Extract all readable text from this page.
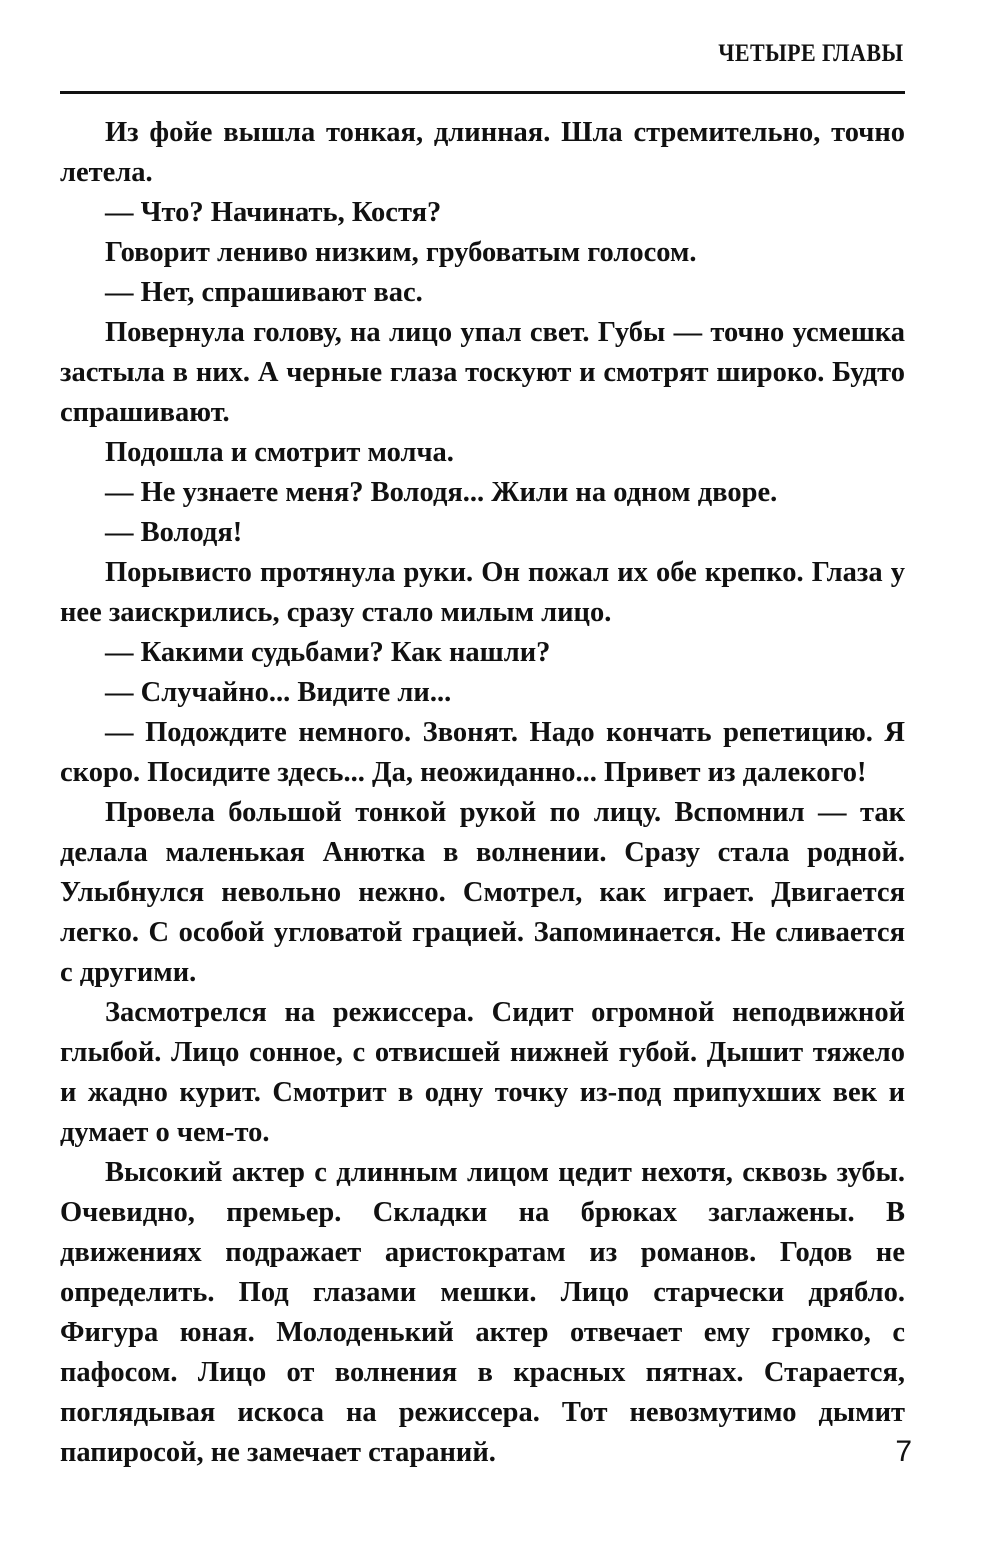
ЧЕТЫРЕ ГЛАВЫ

Из фойе вышла тонкая, длинная. Шла стремительно, точно летела.

— Что? Начинать, Костя?

Говорит лениво низким, грубоватым голосом.

— Нет, спрашивают вас.

Повернула голову, на лицо упал свет. Губы — точно усмешка застыла в них. А черные глаза тоскуют и смотрят широко. Будто спрашивают.

Подошла и смотрит молча.

— Не узнаете меня? Володя... Жили на одном дворе.

— Володя!

Порывисто протянула руки. Он пожал их обе крепко. Глаза у нее заискрились, сразу стало милым лицо.

— Какими судьбами? Как нашли?

— Случайно... Видите ли...

— Подождите немного. Звонят. Надо кончать репетицию. Я скоро. Посидите здесь... Да, неожиданно... Привет из далекого!

Провела большой тонкой рукой по лицу. Вспомнил — так делала маленькая Анютка в волнении. Сразу стала родной. Улыбнулся невольно нежно. Смотрел, как играет. Двигается легко. С особой угловатой грацией. Запоминается. Не сливается с другими.

Засмотрелся на режиссера. Сидит огромной неподвижной глыбой. Лицо сонное, с отвисшей нижней губой. Дышит тяжело и жадно курит. Смотрит в одну точку из-под припухших век и думает о чем-то.

Высокий актер с длинным лицом цедит нехотя, сквозь зубы. Очевидно, премьер. Складки на брюках заглажены. В движениях подражает аристократам из романов. Годов не определить. Под глазами мешки. Лицо старчески дрябло. Фигура юная. Молоденький актер отвечает ему громко, с пафосом. Лицо от волнения в красных пятнах. Старается, поглядывая искоса на режиссера. Тот невозмутимо дымит папиросой, не замечает стараний.	7
